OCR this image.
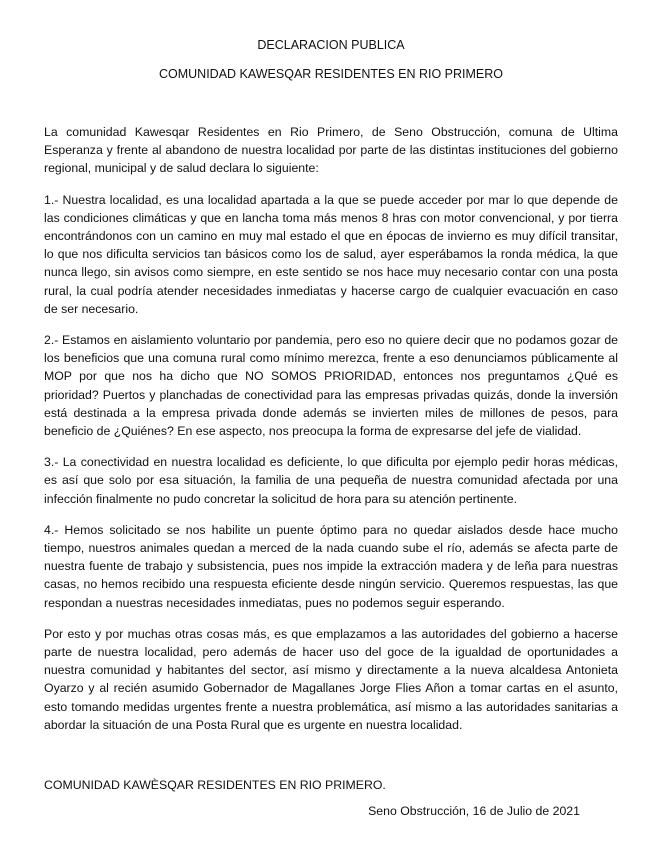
DECLARACION PUBLICA
COMUNIDAD KAWESQAR RESIDENTES EN RIO PRIMERO

La comunidad Kawesqar Residentes en Rio Primero, de Seno Obstrucción, comuna de Ultima Esperanza y frente al abandono de nuestra localidad por parte de las distintas instituciones del gobierno regional, municipal y de salud declara lo siguiente:

1.- Nuestra localidad, es una localidad apartada a la que se puede acceder por mar lo que depende de las condiciones climáticas y que en lancha toma más menos 8 hras con motor convencional, y por tierra encontrándonos con un camino en muy mal estado el que en épocas de invierno es muy difícil transitar, lo que nos dificulta servicios tan básicos como los de salud, ayer esperábamos la ronda médica, la que nunca llego, sin avisos como siempre, en este sentido se nos hace muy necesario contar con una posta rural, la cual podría atender necesidades inmediatas y hacerse cargo de cualquier evacuación en caso de ser necesario.

2.- Estamos en aislamiento voluntario por pandemia, pero eso no quiere decir que no podamos gozar de los beneficios que una comuna rural como mínimo merezca, frente a eso denunciamos públicamente al MOP por que nos ha dicho que NO SOMOS PRIORIDAD, entonces nos preguntamos ¿Qué es prioridad? Puertos y planchadas de conectividad para las empresas privadas quizás, donde la inversión está destinada a la empresa privada donde además se invierten miles de millones de pesos, para beneficio de ¿Quiénes? En ese aspecto, nos preocupa la forma de expresarse del jefe de vialidad.

3.- La conectividad en nuestra localidad es deficiente, lo que dificulta por ejemplo pedir horas médicas, es así que solo por esa situación, la familia de una pequeña de nuestra comunidad afectada por una infección finalmente no pudo concretar la solicitud de hora para su atención pertinente.

4.- Hemos solicitado se nos habilite un puente óptimo para no quedar aislados desde hace mucho tiempo, nuestros animales quedan a merced de la nada cuando sube el río, además se afecta parte de nuestra fuente de trabajo y subsistencia, pues nos impide la extracción madera y de leña para nuestras casas, no hemos recibido una respuesta eficiente desde ningún servicio. Queremos respuestas, las que respondan a nuestras necesidades inmediatas, pues no podemos seguir esperando.

Por esto y por muchas otras cosas más, es que emplazamos a las autoridades del gobierno a hacerse parte de nuestra localidad, pero además de hacer uso del goce de la igualdad de oportunidades a nuestra comunidad y habitantes del sector, así mismo y directamente a la nueva alcaldesa Antonieta Oyarzo y al recién asumido Gobernador de Magallanes Jorge Flies Añon a tomar cartas en el asunto, esto tomando medidas urgentes frente a nuestra problemática, así mismo a las autoridades sanitarias a abordar la situación de una Posta Rural que es urgente en nuestra localidad.

COMUNIDAD KAWÈSQAR RESIDENTES EN RIO PRIMERO.
Seno Obstrucción, 16 de Julio de 2021
